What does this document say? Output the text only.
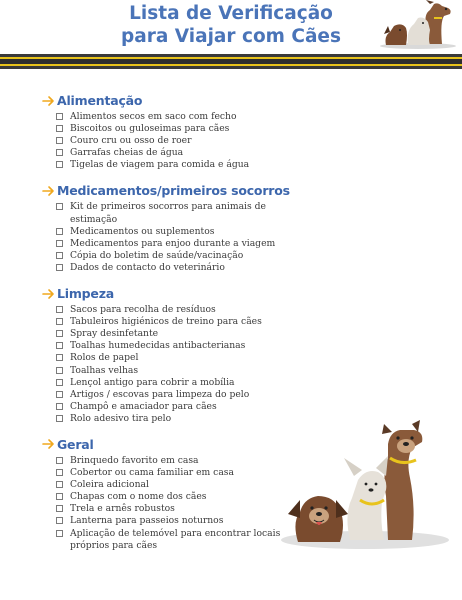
Lista de Verificação
para Viajar com Cães
Alimentação
Alimentos secos em saco com fecho
Biscoitos ou guloseimas para cães
Couro cru ou osso de roer
Garrafas cheias de água
Tigelas de viagem para comida e água
Medicamentos/primeiros socorros
Kit de primeiros socorros para animais de estimação
Medicamentos ou suplementos
Medicamentos para enjoo durante a viagem
Cópia do boletim de saúde/vacinação
Dados de contacto do veterinário
Limpeza
Sacos para recolha de resíduos
Tabuleiros higiénicos de treino para cães
Spray desinfetante
Toalhas humedecidas antibacterianas
Rolos de papel
Toalhas velhas
Lençol antigo para cobrir a mobília
Artigos / escovas para limpeza do pelo
Champô e amaciador para cães
Rolo adesivo tira pelo
Geral
Brinquedo favorito em casa
Cobertor ou cama familiar em casa
Coleira adicional
Chapas com o nome dos cães
Trela e arnês robustos
Lanterna para passeios noturnos
Aplicação de telemóvel para encontrar locais próprios para cães
